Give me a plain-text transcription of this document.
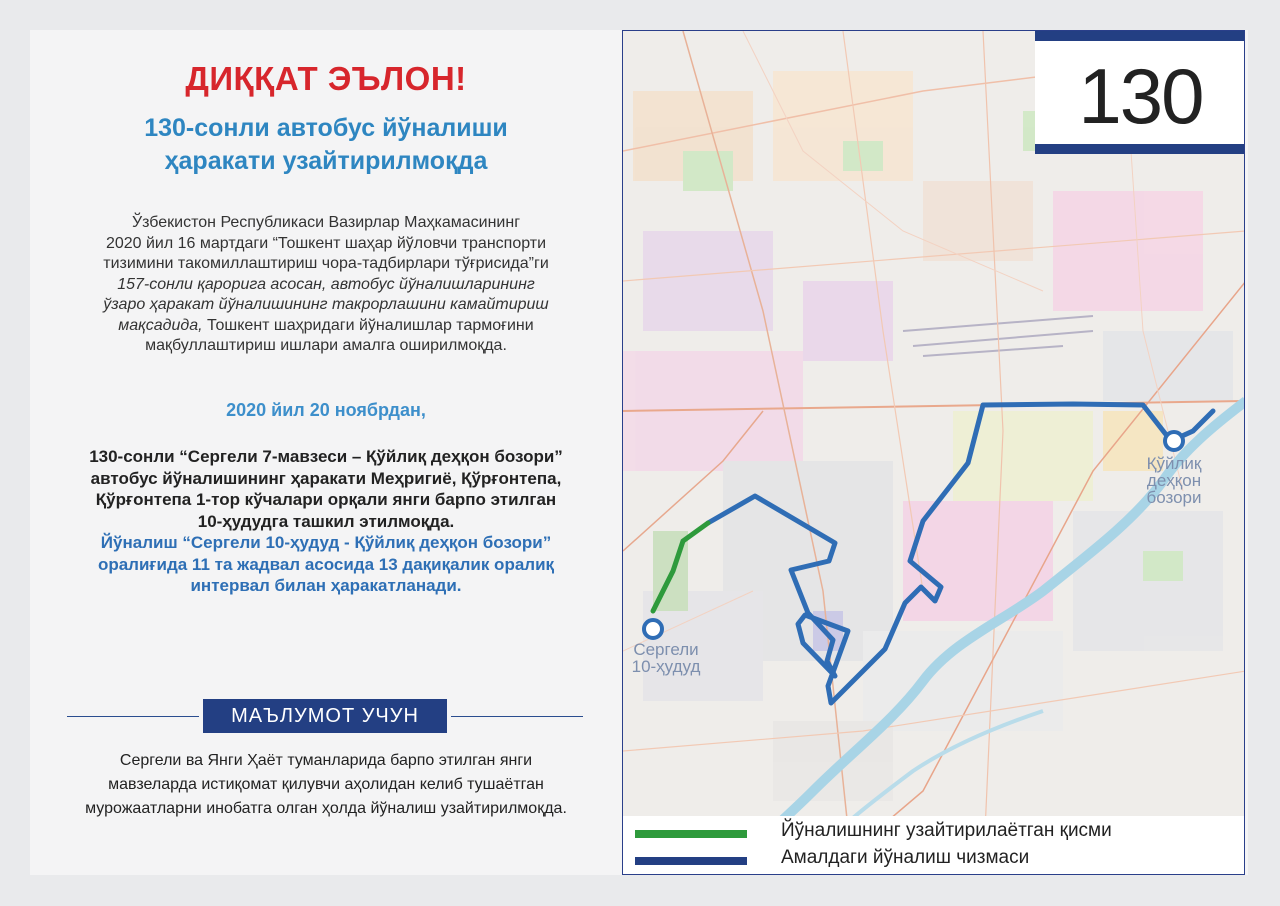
ДИҚҚАТ ЭЪЛОН!
130-сонли автобус йўналиши
ҳаракати узайтирилмоқда
Ўзбекистон Республикаси Вазирлар Маҳкамасининг
2020 йил 16 мартдаги “Тошкент шаҳар йўловчи транспорти
тизимини такомиллаштириш чора-тадбирлари тўғрисида”ги
157-сонли қарорига асосан, автобус йўналишларининг
ўзаро ҳаракат йўналишининг такрорлашини камайтириш
мақсадида, Тошкент шаҳридаги йўналишлар тармоғини
мақбуллаштириш ишлари амалга оширилмоқда.
2020 йил 20 ноябрдан,
130-сонли “Сергели 7-мавзеси – Қўйлиқ деҳқон бозори”
автобус йўналишининг ҳаракати Меҳригиё, Қўрғонтепа,
Қўрғонтепа 1-тор кўчалари орқали янги барпо этилган
10-ҳудудга ташкил этилмоқда.
Йўналиш “Сергели 10-ҳудуд - Қўйлиқ деҳқон бозори”
оралиғида 11 та жадвал асосида 13 дақиқалик оралиқ
интервал билан ҳаракатланади.
МАЪЛУМОТ УЧУН
Сергели ва Янги Ҳаёт туманларида барпо этилган янги
мавзеларда истиқомат қилувчи аҳолидан келиб тушаётган
мурожаатларни инобатга олган ҳолда йўналиш узайтирилмоқда.
Сергели
10-ҳудуд
Қўйлиқ
деҳқон
бозори
130
Йўналишнинг узайтирилаётган қисми
Амалдаги йўналиш чизмаси
